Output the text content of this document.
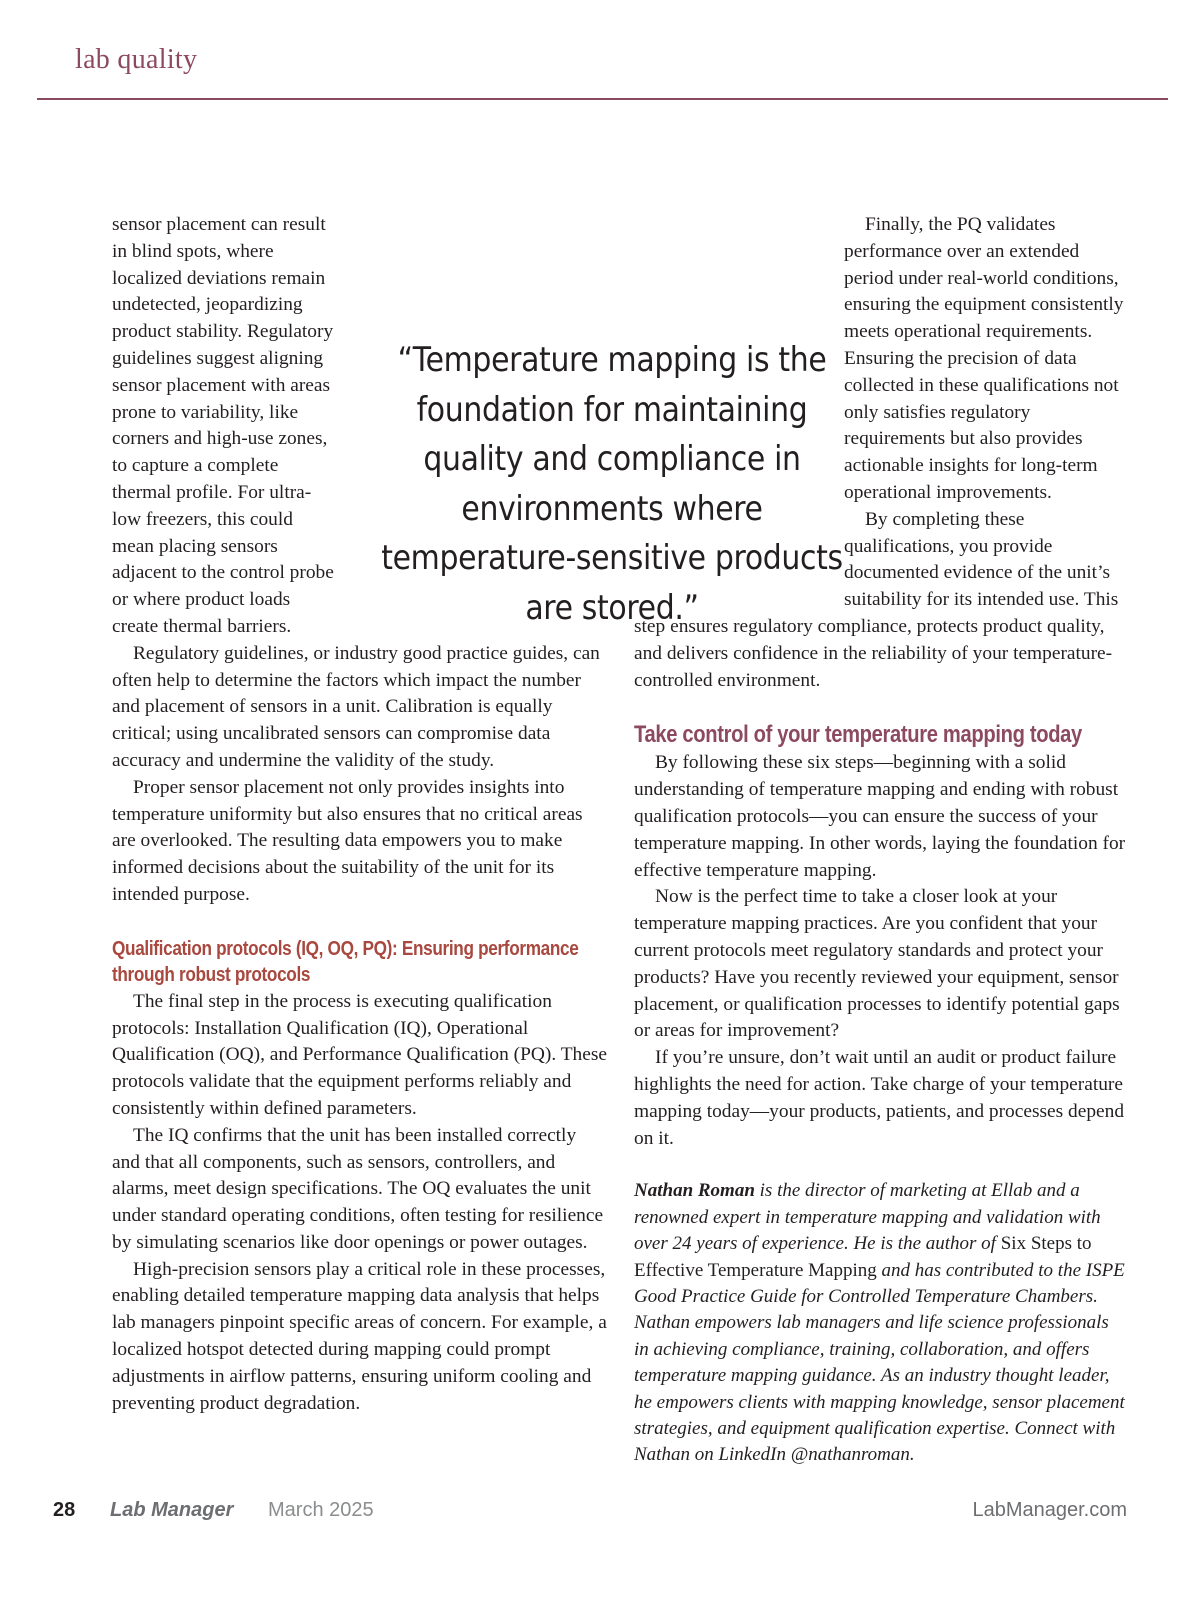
lab quality

sensor placement can result in blind spots, where localized deviations remain undetected, jeopardizing product stability. Regulatory guidelines suggest aligning sensor placement with areas prone to variability, like corners and high-use zones, to capture a complete thermal profile. For ultra-low freezers, this could mean placing sensors adjacent to the control probe or where product loads create thermal barriers.

Regulatory guidelines, or industry good practice guides, can often help to determine the factors which impact the number and placement of sensors in a unit. Calibration is equally critical; using uncalibrated sensors can compromise data accuracy and undermine the validity of the study.

Proper sensor placement not only provides insights into temperature uniformity but also ensures that no critical areas are overlooked. The resulting data empowers you to make informed decisions about the suitability of the unit for its intended purpose.

Qualification protocols (IQ, OQ, PQ): Ensuring performance through robust protocols

The final step in the process is executing qualification protocols: Installation Qualification (IQ), Operational Qualification (OQ), and Performance Qualification (PQ). These protocols validate that the equipment performs reliably and consistently within defined parameters.

The IQ confirms that the unit has been installed correctly and that all components, such as sensors, controllers, and alarms, meet design specifications. The OQ evaluates the unit under standard operating conditions, often testing for resilience by simulating scenarios like door openings or power outages.

High-precision sensors play a critical role in these processes, enabling detailed temperature mapping data analysis that helps lab managers pinpoint specific areas of concern. For example, a localized hotspot detected during mapping could prompt adjustments in airflow patterns, ensuring uniform cooling and preventing product degradation.

Finally, the PQ validates performance over an extended period under real-world conditions, ensuring the equipment consistently meets operational requirements. Ensuring the precision of data collected in these qualifications not only satisfies regulatory requirements but also provides actionable insights for long-term operational improvements.

By completing these qualifications, you provide documented evidence of the unit’s suitability for its intended use. This step ensures regulatory compliance, protects product quality, and delivers confidence in the reliability of your temperature-controlled environment.

Take control of your temperature mapping today

By following these six steps—beginning with a solid understanding of temperature mapping and ending with robust qualification protocols—you can ensure the success of your temperature mapping. In other words, laying the foundation for effective temperature mapping.

Now is the perfect time to take a closer look at your temperature mapping practices. Are you confident that your current protocols meet regulatory standards and protect your products? Have you recently reviewed your equipment, sensor placement, or qualification processes to identify potential gaps or areas for improvement?

If you’re unsure, don’t wait until an audit or product failure highlights the need for action. Take charge of your temperature mapping today—your products, patients, and processes depend on it.

Nathan Roman is the director of marketing at Ellab and a renowned expert in temperature mapping and validation with over 24 years of experience. He is the author of Six Steps to Effective Temperature Mapping and has contributed to the ISPE Good Practice Guide for Controlled Temperature Chambers. Nathan empowers lab managers and life science professionals in achieving compliance, training, collaboration, and offers temperature mapping guidance. As an industry thought leader, he empowers clients with mapping knowledge, sensor placement strategies, and equipment qualification expertise. Connect with Nathan on LinkedIn @nathanroman.

“Temperature mapping is the foundation for maintaining quality and compliance in environments where temperature-sensitive products are stored.”
28 Lab Manager March 2025	LabManager.com
